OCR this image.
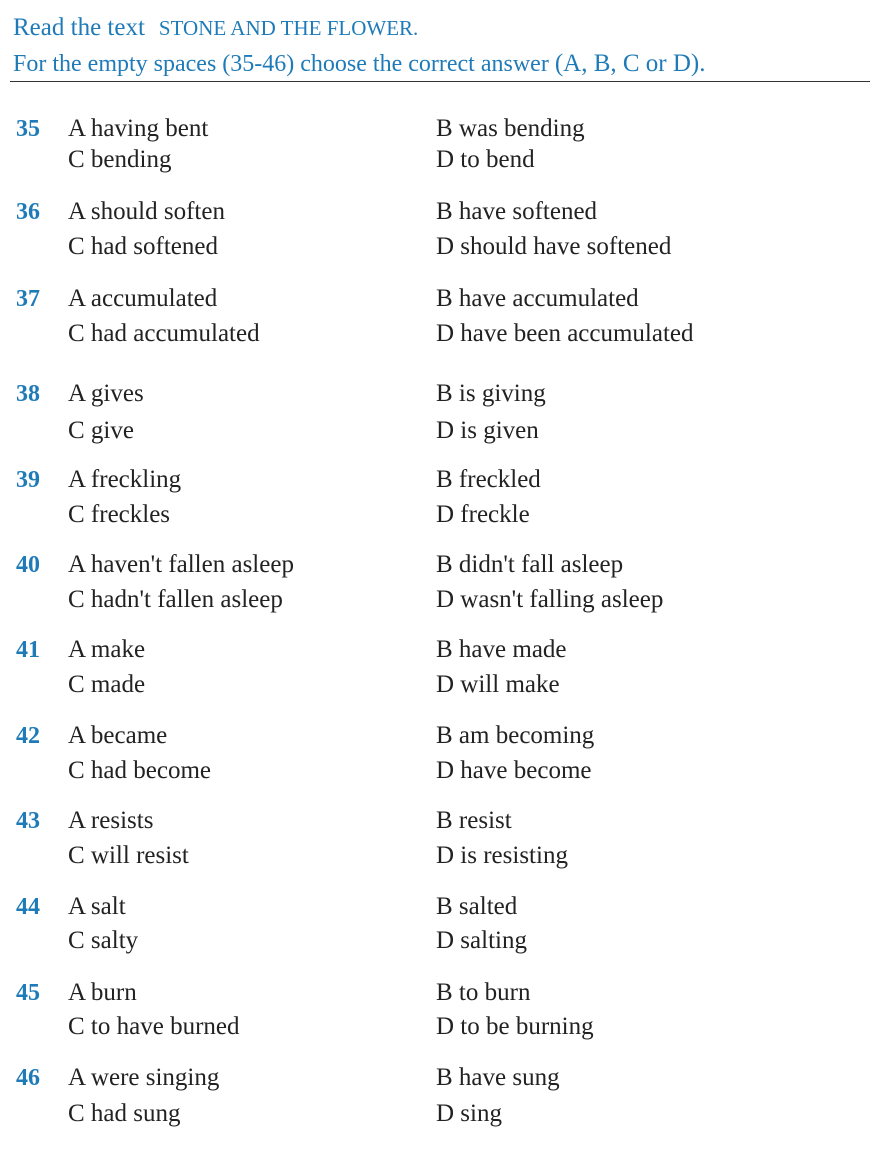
Read the text STONE AND THE FLOWER.
For the empty spaces (35-46) choose the correct answer (A, B, C or D).
35 A having bent	B was bending
C bending	D to bend
36 A should soften	B have softened
C had softened	D should have softened
37 A accumulated	B have accumulated
C had accumulated	D have been accumulated
38 A gives	B is giving
C give	D is given
39 A freckling	B freckled
C freckles	D freckle
40 A haven't fallen asleep	B didn't fall asleep
C hadn't fallen asleep	D wasn't falling asleep
41 A make	B have made
C made	D will make
42 A became	B am becoming
C had become	D have become
43 A resists	B resist
C will resist	D is resisting
44 A salt	B salted
C salty	D salting
45 A burn	B to burn
C to have burned	D to be burning
46 A were singing	B have sung
C had sung	D sing
